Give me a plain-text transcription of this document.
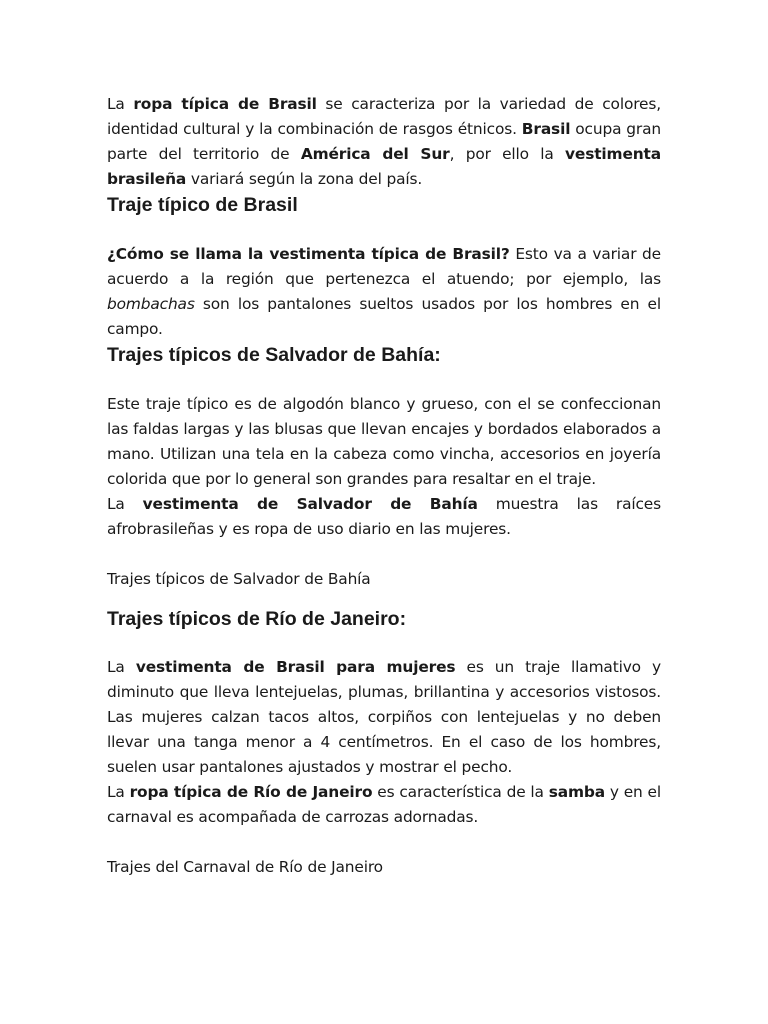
La ropa típica de Brasil se caracteriza por la variedad de colores, identidad cultural y la combinación de rasgos étnicos. Brasil ocupa gran parte del territorio de América del Sur, por ello la vestimenta brasileña variará según la zona del país.

Traje típico de Brasil

¿Cómo se llama la vestimenta típica de Brasil? Esto va a variar de acuerdo a la región que pertenezca el atuendo; por ejemplo, las bombachas son los pantalones sueltos usados por los hombres en el campo.

Trajes típicos de Salvador de Bahía:

Este traje típico es de algodón blanco y grueso, con el se confeccionan las faldas largas y las blusas que llevan encajes y bordados elaborados a mano. Utilizan una tela en la cabeza como vincha, accesorios en joyería colorida que por lo general son grandes para resaltar en el traje.

La vestimenta de Salvador de Bahía muestra las raíces afrobrasileñas y es ropa de uso diario en las mujeres.

Trajes típicos de Salvador de Bahía

Trajes típicos de Río de Janeiro:

La vestimenta de Brasil para mujeres es un traje llamativo y diminuto que lleva lentejuelas, plumas, brillantina y accesorios vistosos. Las mujeres calzan tacos altos, corpiños con lentejuelas y no deben llevar una tanga menor a 4 centímetros. En el caso de los hombres, suelen usar pantalones ajustados y mostrar el pecho.

La ropa típica de Río de Janeiro es característica de la samba y en el carnaval es acompañada de carrozas adornadas.

Trajes del Carnaval de Río de Janeiro
